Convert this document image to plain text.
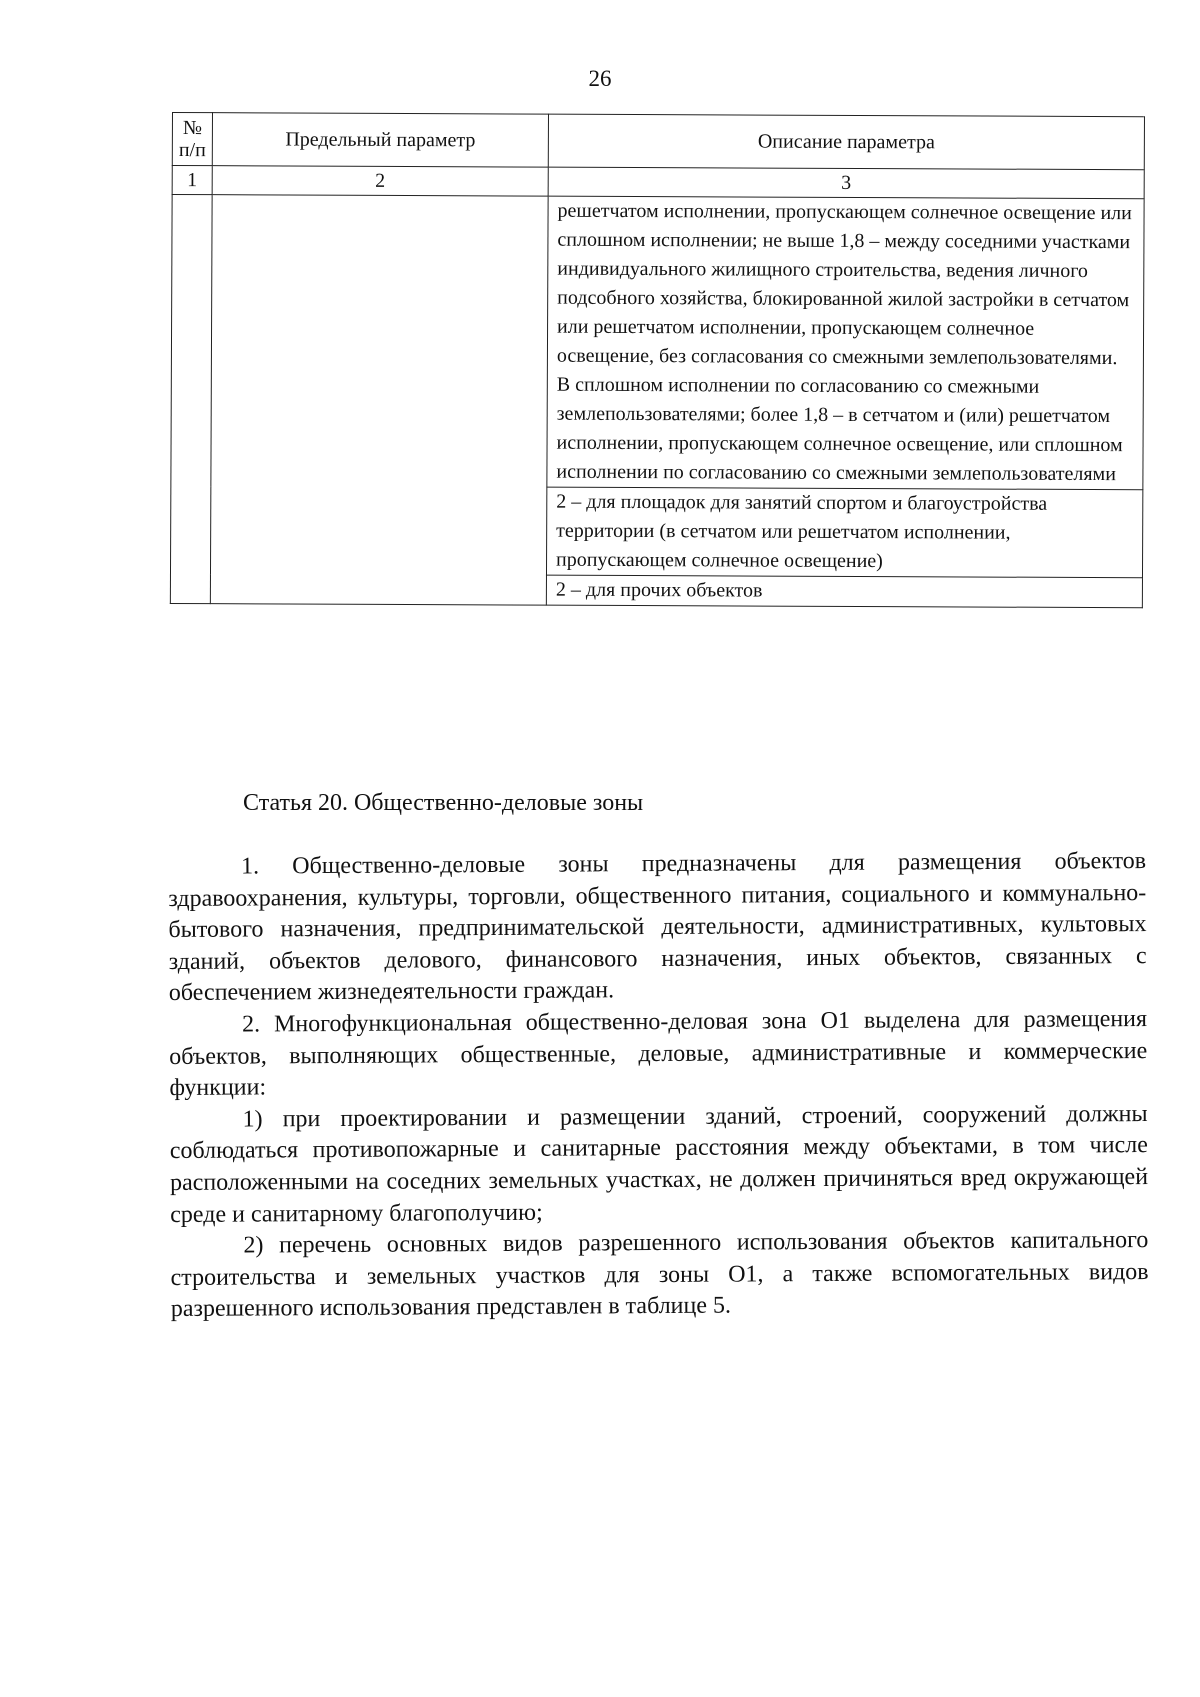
26
№ п/п	Предельный параметр	Описание параметра
1	2	3
		решетчатом исполнении, пропускающем солнечное освещение или сплошном исполнении; не выше 1,8 – между соседними участками индивидуального жилищного строительства, ведения личного подсобного хозяйства, блокированной жилой застройки в сетчатом или решетчатом исполнении, пропускающем солнечное освещение, без согласования со смежными землепользователями. В сплошном исполнении по согласованию со смежными землепользователями; более 1,8 – в сетчатом и (или) решетчатом исполнении, пропускающем солнечное освещение, или сплошном исполнении по согласованию со смежными землепользователями
		2 – для площадок для занятий спортом и благоустройства территории (в сетчатом или решетчатом исполнении, пропускающем солнечное освещение)
		2 – для прочих объектов
Статья 20. Общественно-деловые зоны

1. Общественно-деловые зоны предназначены для размещения объектов здравоохранения, культуры, торговли, общественного питания, социального и коммунально-бытового назначения, предпринимательской деятельности, административных, культовых зданий, объектов делового, финансового назначения, иных объектов, связанных с обеспечением жизнедеятельности граждан.

2. Многофункциональная общественно-деловая зона О1 выделена для размещения объектов, выполняющих общественные, деловые, административные и коммерческие функции:

1) при проектировании и размещении зданий, строений, сооружений должны соблюдаться противопожарные и санитарные расстояния между объектами, в том числе расположенными на соседних земельных участках, не должен причиняться вред окружающей среде и санитарному благополучию;

2) перечень основных видов разрешенного использования объектов капитального строительства и земельных участков для зоны О1, а также вспомогательных видов разрешенного использования представлен в таблице 5.
